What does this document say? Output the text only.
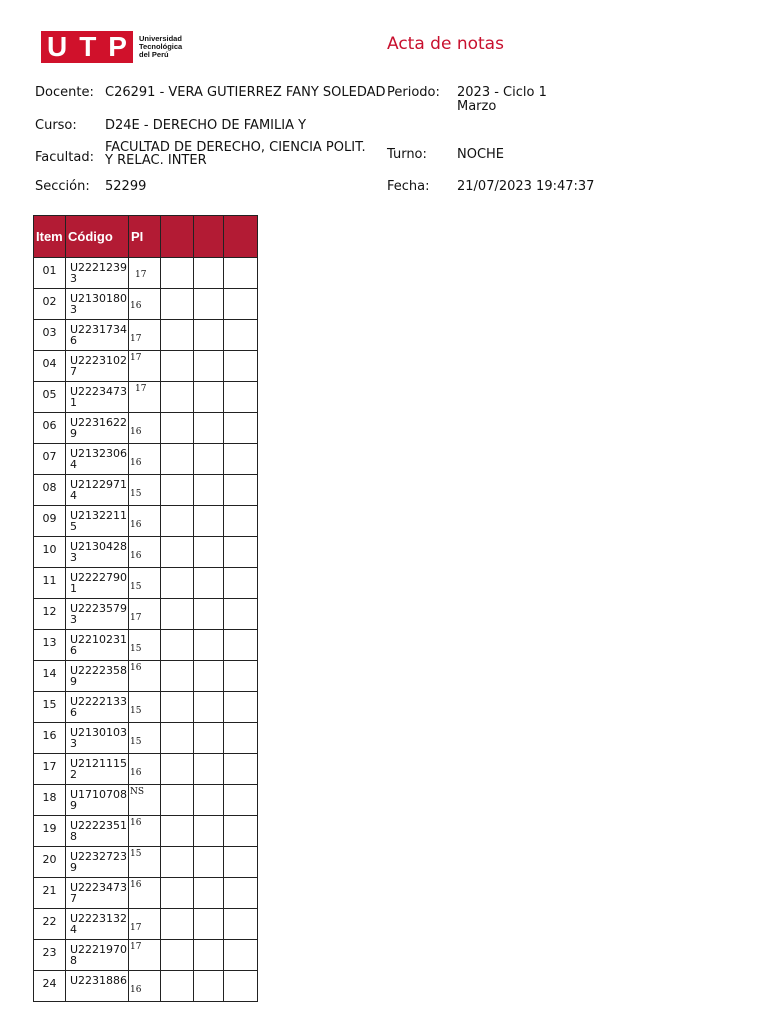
U T P Universidad
Tecnológica
del Perú
Acta de notas
Docente: C26291 - VERA GUTIERREZ FANY SOLEDAD
Curso: D24E - DERECHO DE FAMILIA Y
Facultad:
FACULTAD DE DERECHO, CIENCIA POLIT.
Y RELAC. INTER
Sección: 52299
Periodo: 2023 - Ciclo 1
Marzo
Turno: NOCHE
Fecha: 21/07/2023 19:47:37
Item	Código	PI			
01	U22212393	17			

02	U21301803	16			

03	U22317346	17			

04	U22231027	17			

05	U22234731	17			

06	U22316229	16			

07	U21323064	16			

08	U21229714	15			

09	U21322115	16			

10	U21304283	16			

11	U22227901	15			

12	U22235793	17			

13	U22102316	15			

14	U22223589	16			

15	U22221336	15			

16	U21301033	15			

17	U21211152	16			

18	U17107089	NS			

19	U22223518	16			

20	U22327239	15			

21	U22234737	16			

22	U22231324	17			

23	U22219708	17			

24	U2231886	16			
